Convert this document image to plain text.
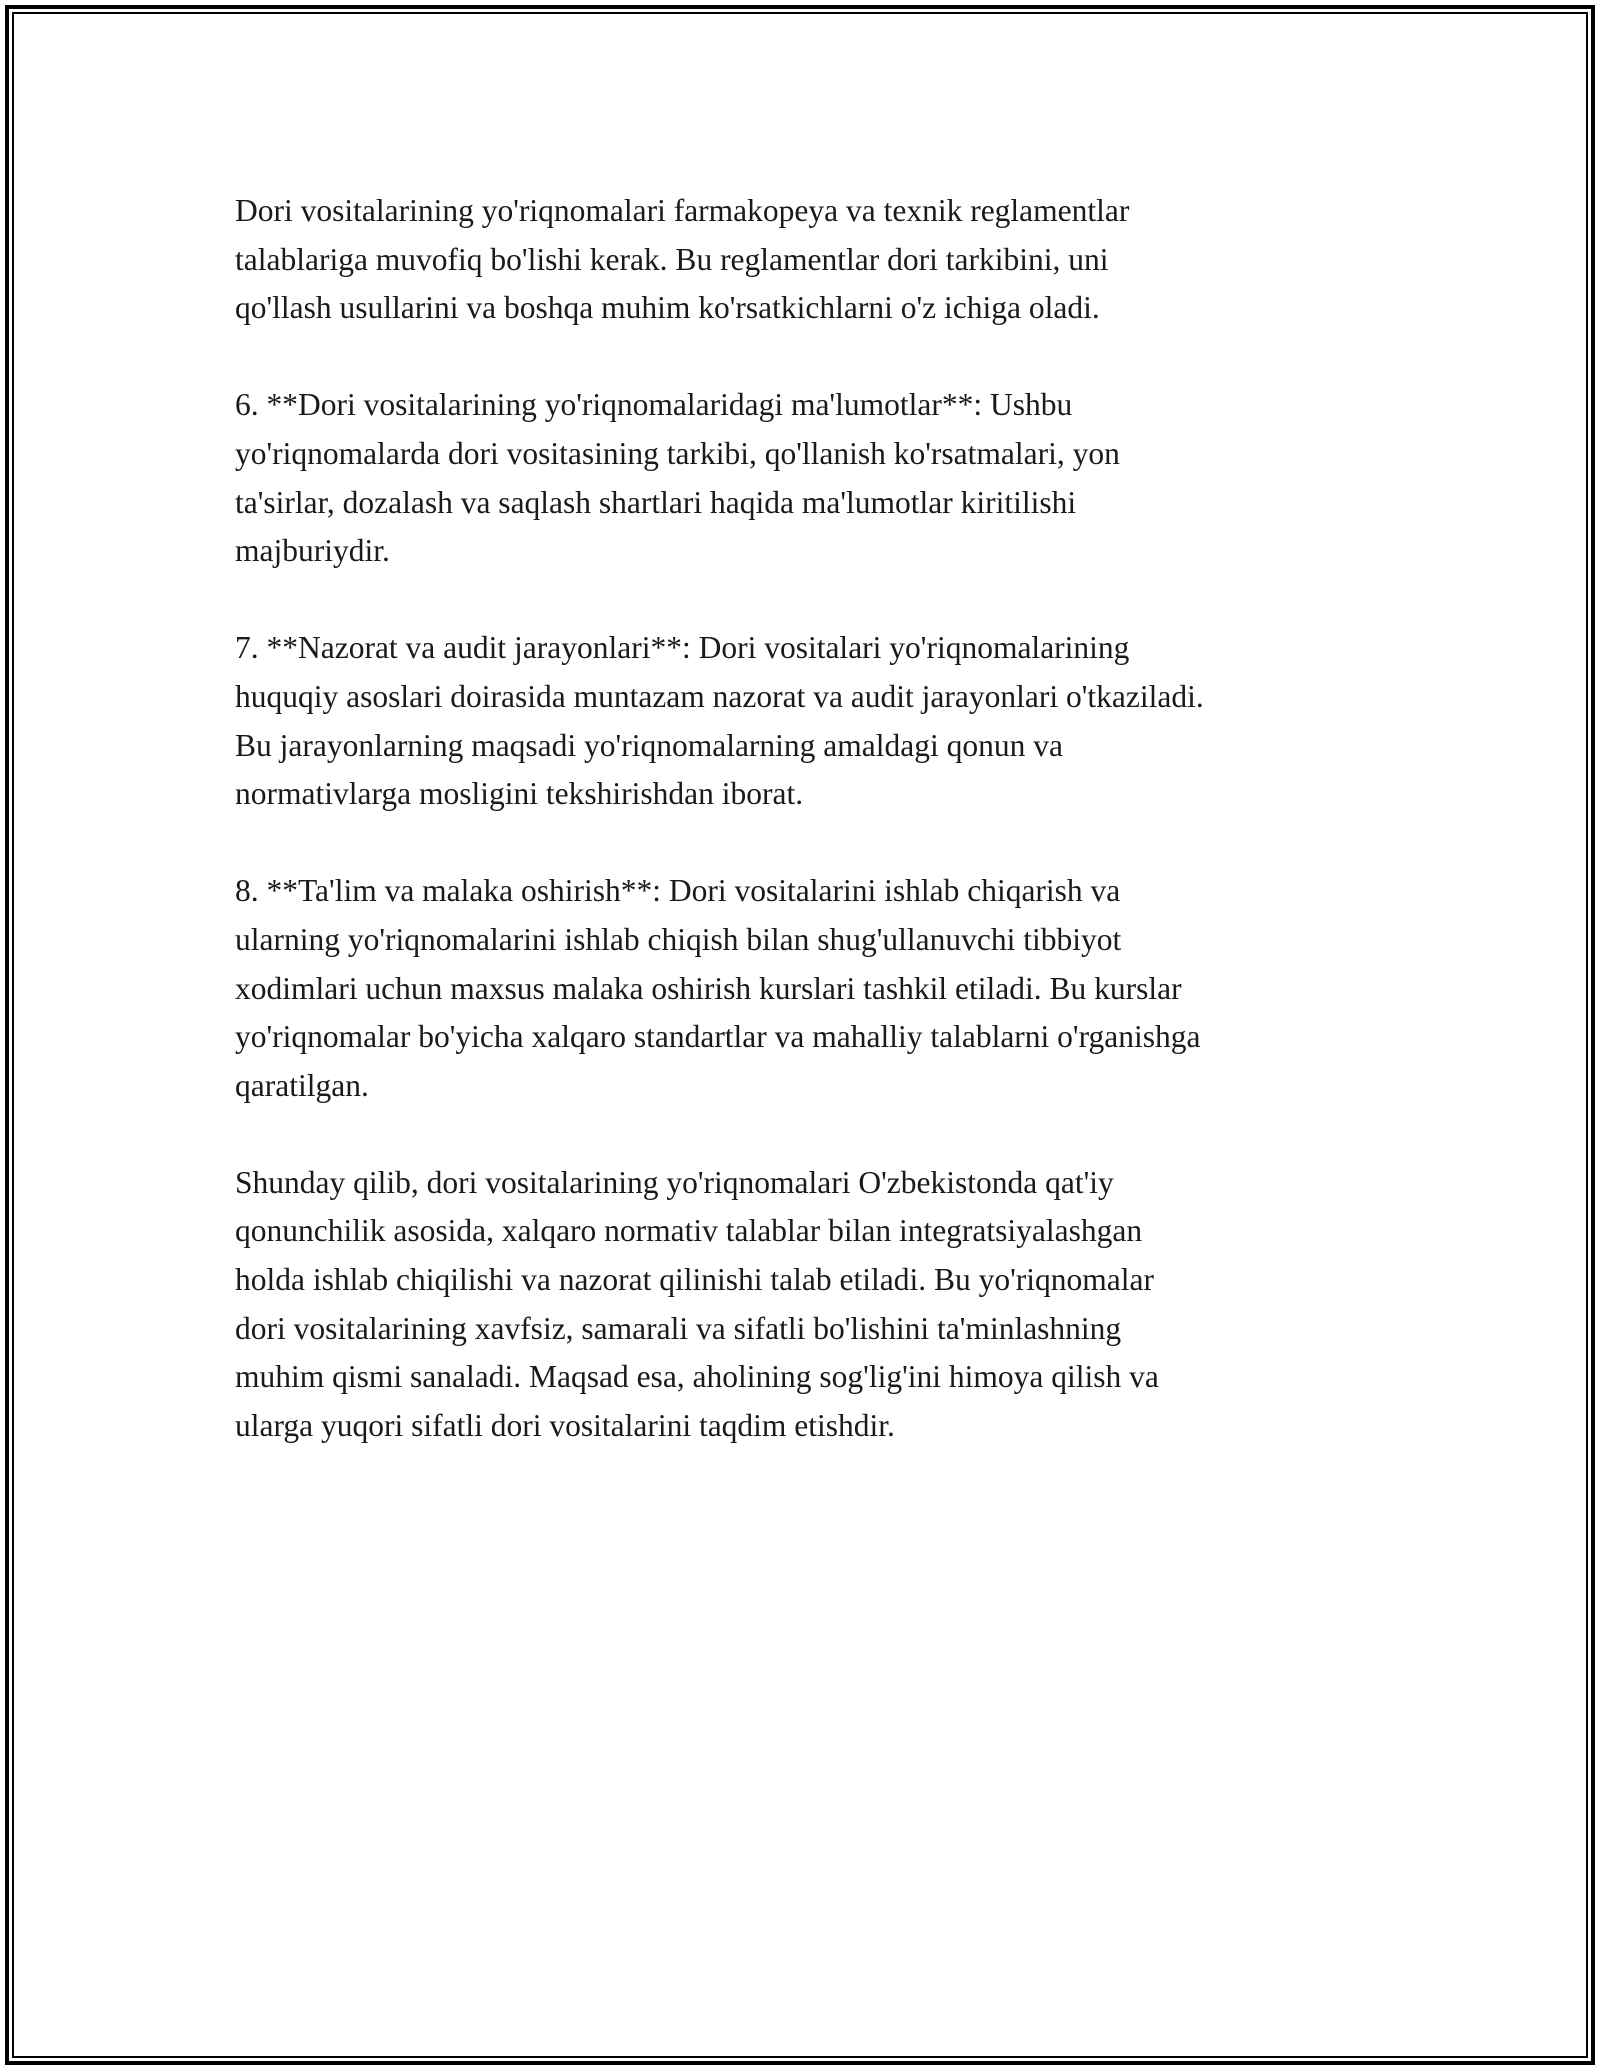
Dori vositalarining yo'riqnomalari farmakopeya va texnik reglamentlar
talablariga muvofiq bo'lishi kerak. Bu reglamentlar dori tarkibini, uni
qo'llash usullarini va boshqa muhim ko'rsatkichlarni o'z ichiga oladi.

6. **Dori vositalarining yo'riqnomalaridagi ma'lumotlar**: Ushbu
yo'riqnomalarda dori vositasining tarkibi, qo'llanish ko'rsatmalari, yon
ta'sirlar, dozalash va saqlash shartlari haqida ma'lumotlar kiritilishi
majburiydir.

7. **Nazorat va audit jarayonlari**: Dori vositalari yo'riqnomalarining
huquqiy asoslari doirasida muntazam nazorat va audit jarayonlari o'tkaziladi.
Bu jarayonlarning maqsadi yo'riqnomalarning amaldagi qonun va
normativlarga mosligini tekshirishdan iborat.

8. **Ta'lim va malaka oshirish**: Dori vositalarini ishlab chiqarish va
ularning yo'riqnomalarini ishlab chiqish bilan shug'ullanuvchi tibbiyot
xodimlari uchun maxsus malaka oshirish kurslari tashkil etiladi. Bu kurslar
yo'riqnomalar bo'yicha xalqaro standartlar va mahalliy talablarni o'rganishga
qaratilgan.

Shunday qilib, dori vositalarining yo'riqnomalari O'zbekistonda qat'iy
qonunchilik asosida, xalqaro normativ talablar bilan integratsiyalashgan
holda ishlab chiqilishi va nazorat qilinishi talab etiladi. Bu yo'riqnomalar
dori vositalarining xavfsiz, samarali va sifatli bo'lishini ta'minlashning
muhim qismi sanaladi. Maqsad esa, aholining sog'lig'ini himoya qilish va
ularga yuqori sifatli dori vositalarini taqdim etishdir.
